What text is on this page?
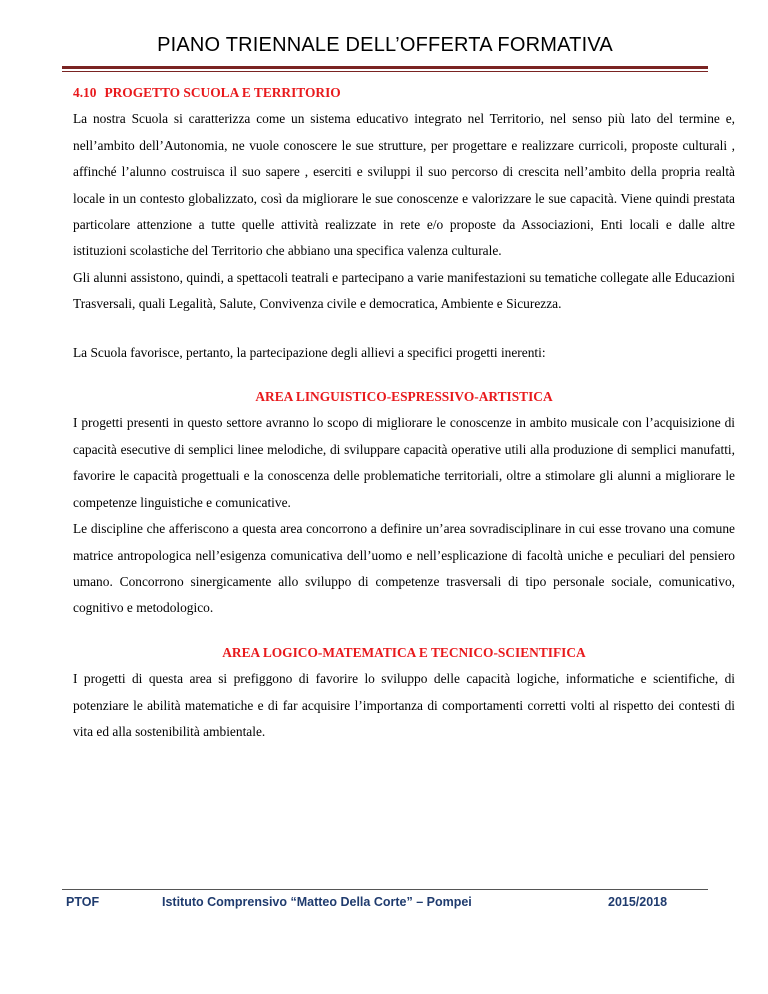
PIANO TRIENNALE DELL’OFFERTA FORMATIVA
4.10 PROGETTO SCUOLA E TERRITORIO

La nostra Scuola si caratterizza come un sistema educativo integrato nel Territorio, nel senso più lato del termine e, nell’ambito dell’Autonomia, ne vuole conoscere le sue strutture, per progettare e realizzare curricoli, proposte culturali , affinché l’alunno costruisca il suo sapere , eserciti e sviluppi il suo percorso di crescita nell’ambito della propria realtà locale in un contesto globalizzato, così da migliorare le sue conoscenze e valorizzare le sue capacità. Viene quindi prestata particolare attenzione a tutte quelle attività realizzate in rete e/o proposte da Associazioni, Enti locali e dalle altre istituzioni scolastiche del Territorio che abbiano una specifica valenza culturale.

Gli alunni assistono, quindi, a spettacoli teatrali e partecipano a varie manifestazioni su tematiche collegate alle Educazioni Trasversali, quali Legalità, Salute, Convivenza civile e democratica, Ambiente e Sicurezza.

La Scuola favorisce, pertanto, la partecipazione degli allievi a specifici progetti inerenti:

AREA LINGUISTICO-ESPRESSIVO-ARTISTICA

I progetti presenti in questo settore avranno lo scopo di migliorare le conoscenze in ambito musicale con l’acquisizione di capacità esecutive di semplici linee melodiche, di sviluppare capacità operative utili alla produzione di semplici manufatti, favorire le capacità progettuali e la conoscenza delle problematiche territoriali, oltre a stimolare gli alunni a migliorare le competenze linguistiche e comunicative.

Le discipline che afferiscono a questa area concorrono a definire un’area sovradisciplinare in cui esse trovano una comune matrice antropologica nell’esigenza comunicativa dell’uomo e nell’esplicazione di facoltà uniche e peculiari del pensiero umano. Concorrono sinergicamente allo sviluppo di competenze trasversali di tipo personale sociale, comunicativo, cognitivo e metodologico.

AREA LOGICO-MATEMATICA E TECNICO-SCIENTIFICA

I progetti di questa area si prefiggono di favorire lo sviluppo delle capacità logiche, informatiche e scientifiche, di potenziare le abilità matematiche e di far acquisire l’importanza di comportamenti corretti volti al rispetto dei contesti di vita ed alla sostenibilità ambientale.

PTOF	Istituto Comprensivo “Matteo Della Corte” – Pompei	2015/2018
